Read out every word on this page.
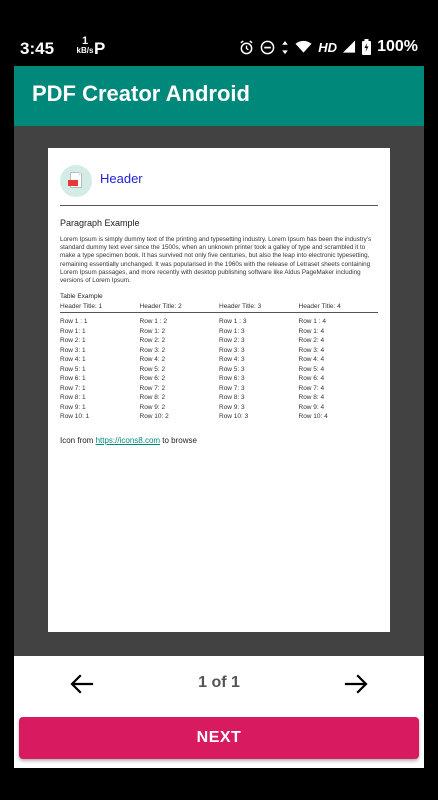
3:45	1
kB/s P	HD	100%
PDF Creator Android
Header
Paragraph Example

Lorem Ipsum is simply dummy text of the printing and typesetting industry. Lorem Ipsum has been the industry's standard dummy text ever since the 1500s, when an unknown printer took a galley of type and scrambled it to make a type specimen book. It has survived not only five centuries, but also the leap into electronic typesetting, remaining essentially unchanged. It was popularised in the 1960s with the release of Letraset sheets containing Lorem Ipsum passages, and more recently with desktop publishing software like Aldus PageMaker including versions of Lorem Ipsum.

Table Example
Header Title: 1	Header Title: 2	Header Title: 3	Header Title: 4
Row 1 : 1	Row 1 : 2	Row 1 : 3	Row 1 : 4
Row 1: 1	Row 1: 2	Row 1: 3	Row 1: 4
Row 2: 1	Row 2: 2	Row 2: 3	Row 2: 4
Row 3: 1	Row 3: 2	Row 3: 3	Row 3: 4
Row 4: 1	Row 4: 2	Row 4: 3	Row 4: 4
Row 5: 1	Row 5: 2	Row 5: 3	Row 5: 4
Row 6: 1	Row 6: 2	Row 6: 3	Row 6: 4
Row 7: 1	Row 7: 2	Row 7: 3	Row 7: 4
Row 8: 1	Row 8: 2	Row 8: 3	Row 8: 4
Row 9: 1	Row 9: 2	Row 9: 3	Row 9: 4
Row 10: 1	Row 10: 2	Row 10: 3	Row 10: 4
Icon from https://icons8.com to browse
1 of 1
NEXT
